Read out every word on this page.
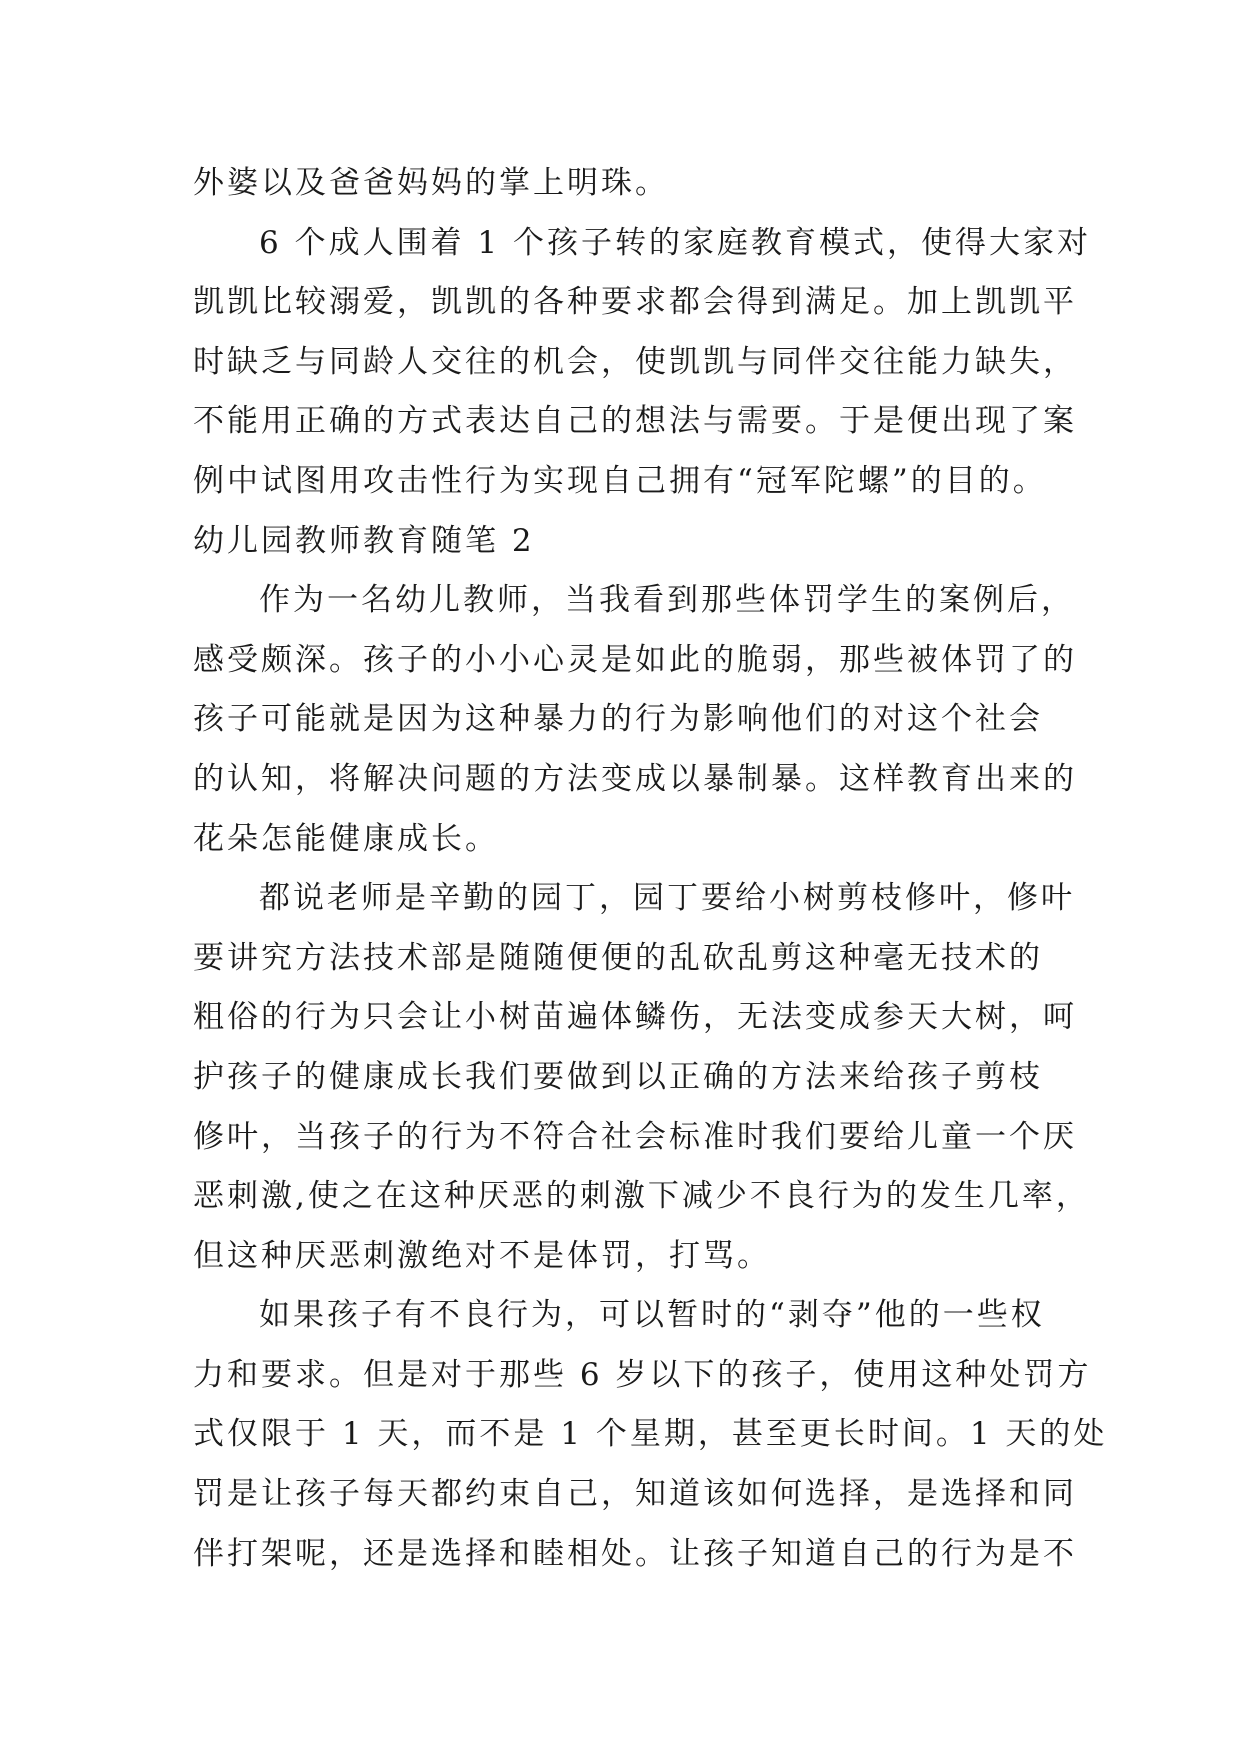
外婆以及爸爸妈妈的掌上明珠。
6 个成人围着 1 个孩子转的家庭教育模式，使得大家对
凯凯比较溺爱，凯凯的各种要求都会得到满足。加上凯凯平
时缺乏与同龄人交往的机会，使凯凯与同伴交往能力缺失，
不能用正确的方式表达自己的想法与需要。于是便出现了案
例中试图用攻击性行为实现自己拥有“冠军陀螺”的目的。
幼儿园教师教育随笔 2
作为一名幼儿教师，当我看到那些体罚学生的案例后，
感受颇深。孩子的小小心灵是如此的脆弱，那些被体罚了的
孩子可能就是因为这种暴力的行为影响他们的对这个社会
的认知，将解决问题的方法变成以暴制暴。这样教育出来的
花朵怎能健康成长。
都说老师是辛勤的园丁，园丁要给小树剪枝修叶，修叶
要讲究方法技术部是随随便便的乱砍乱剪这种毫无技术的
粗俗的行为只会让小树苗遍体鳞伤，无法变成参天大树，呵
护孩子的健康成长我们要做到以正确的方法来给孩子剪枝
修叶，当孩子的行为不符合社会标准时我们要给儿童一个厌
恶刺激,使之在这种厌恶的刺激下减少不良行为的发生几率，
但这种厌恶刺激绝对不是体罚，打骂。
如果孩子有不良行为，可以暂时的“剥夺”他的一些权
力和要求。但是对于那些 6 岁以下的孩子，使用这种处罚方
式仅限于 1 天，而不是 1 个星期，甚至更长时间。1 天的处
罚是让孩子每天都约束自己，知道该如何选择，是选择和同
伴打架呢，还是选择和睦相处。让孩子知道自己的行为是不
